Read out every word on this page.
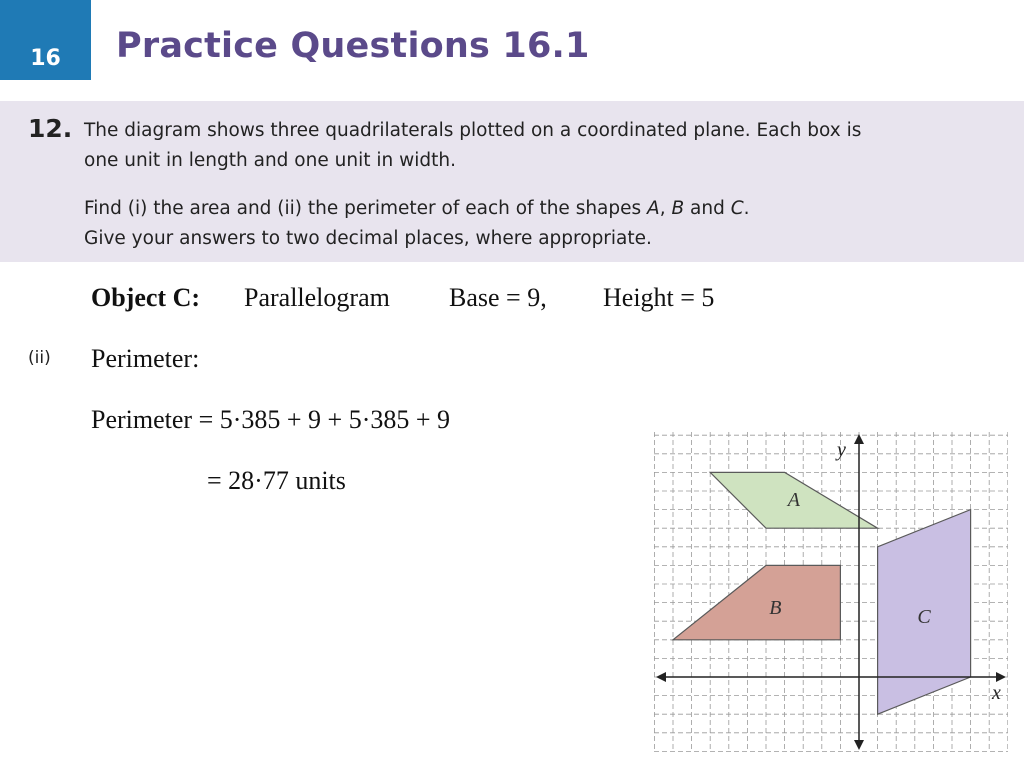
16 Practice Questions 16.1
12. The diagram shows three quadrilaterals plotted on a coordinated plane. Each box is
one unit in length and one unit in width.

Find (i) the area and (ii) the perimeter of each of the shapes A, B and C.
Give your answers to two decimal places, where appropriate.

Object C: Parallelogram Base = 9, Height = 5
(ii) Perimeter:
Perimeter = 5·385 + 9 + 5·385 + 9
= 28·77 units
A
B	C
x
y
